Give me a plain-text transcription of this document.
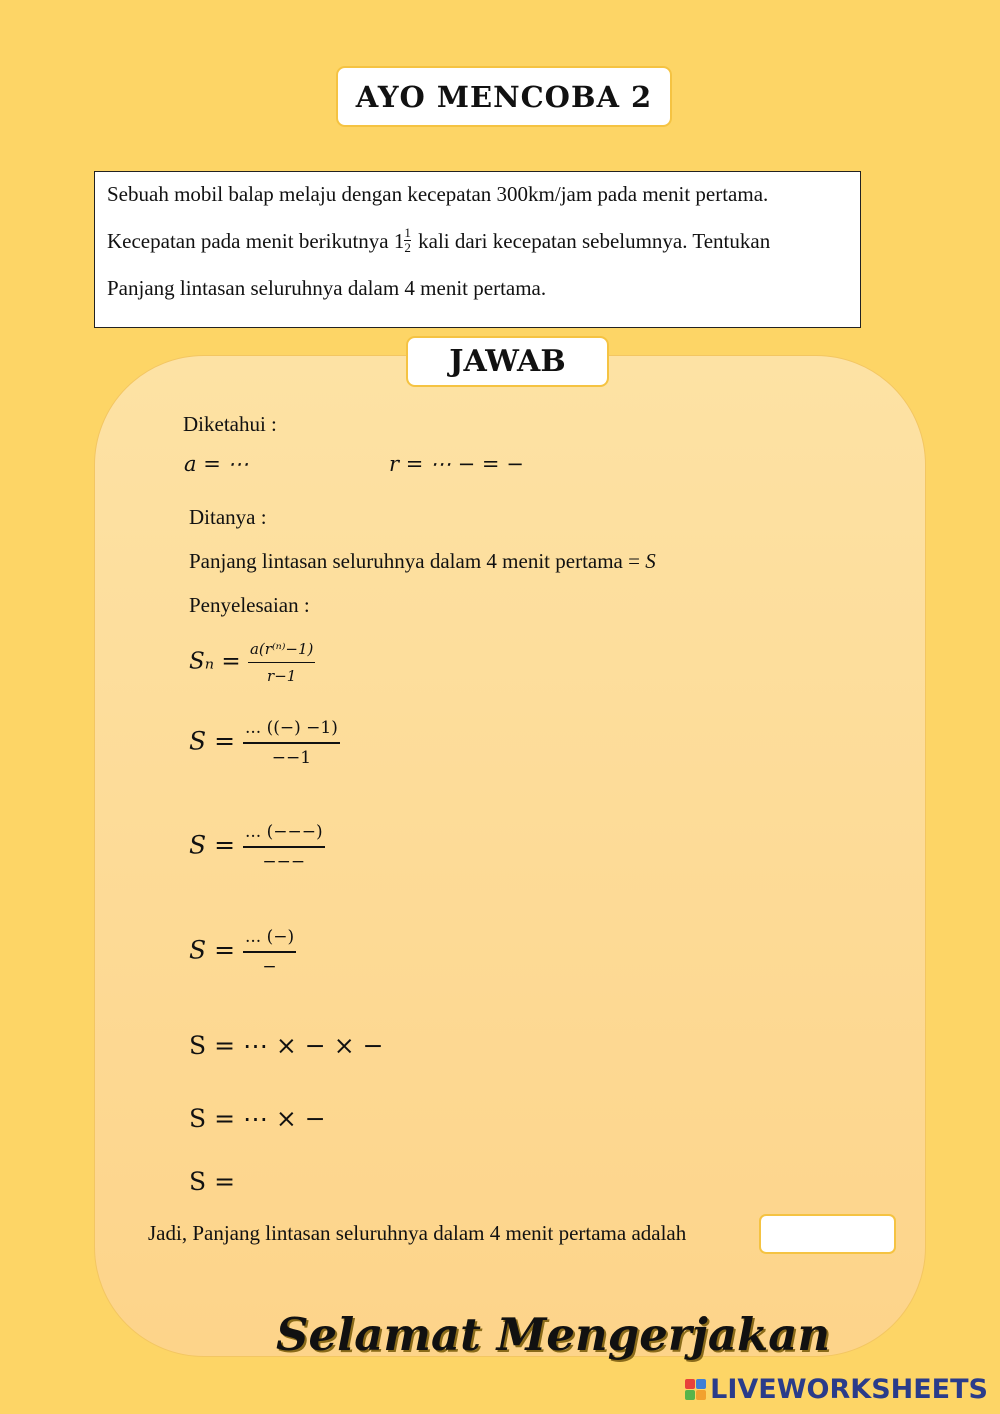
AYO MENCOBA 2
Sebuah mobil balap melaju dengan kecepatan 300km/jam pada menit pertama.
Kecepatan pada menit berikutnya $1 \frac{1}{2}$ kali dari kecepatan sebelumnya. Tentukan
Panjang lintasan seluruhnya dalam 4 menit pertama.
JAWAB
Diketahui :
a = ⋯	r = ⋯ − = −
Ditanya :
Panjang lintasan seluruhnya dalam 4 menit pertama = S
Penyelesaian :
$S_n = \frac{\text{a(r⁽ⁿ⁾−1)}}{r-1}$
$S = \frac{... ((-) -1)}{--1}$
$S = \frac{... (---)}{---}$
$S = \frac{... (-)}{-}$
S = ⋯ × − × −
S = ⋯ × −
S =
Jadi, Panjang lintasan seluruhnya dalam 4 menit pertama adalah
Selamat Mengerjakan
LIVEWORKSHEETS
